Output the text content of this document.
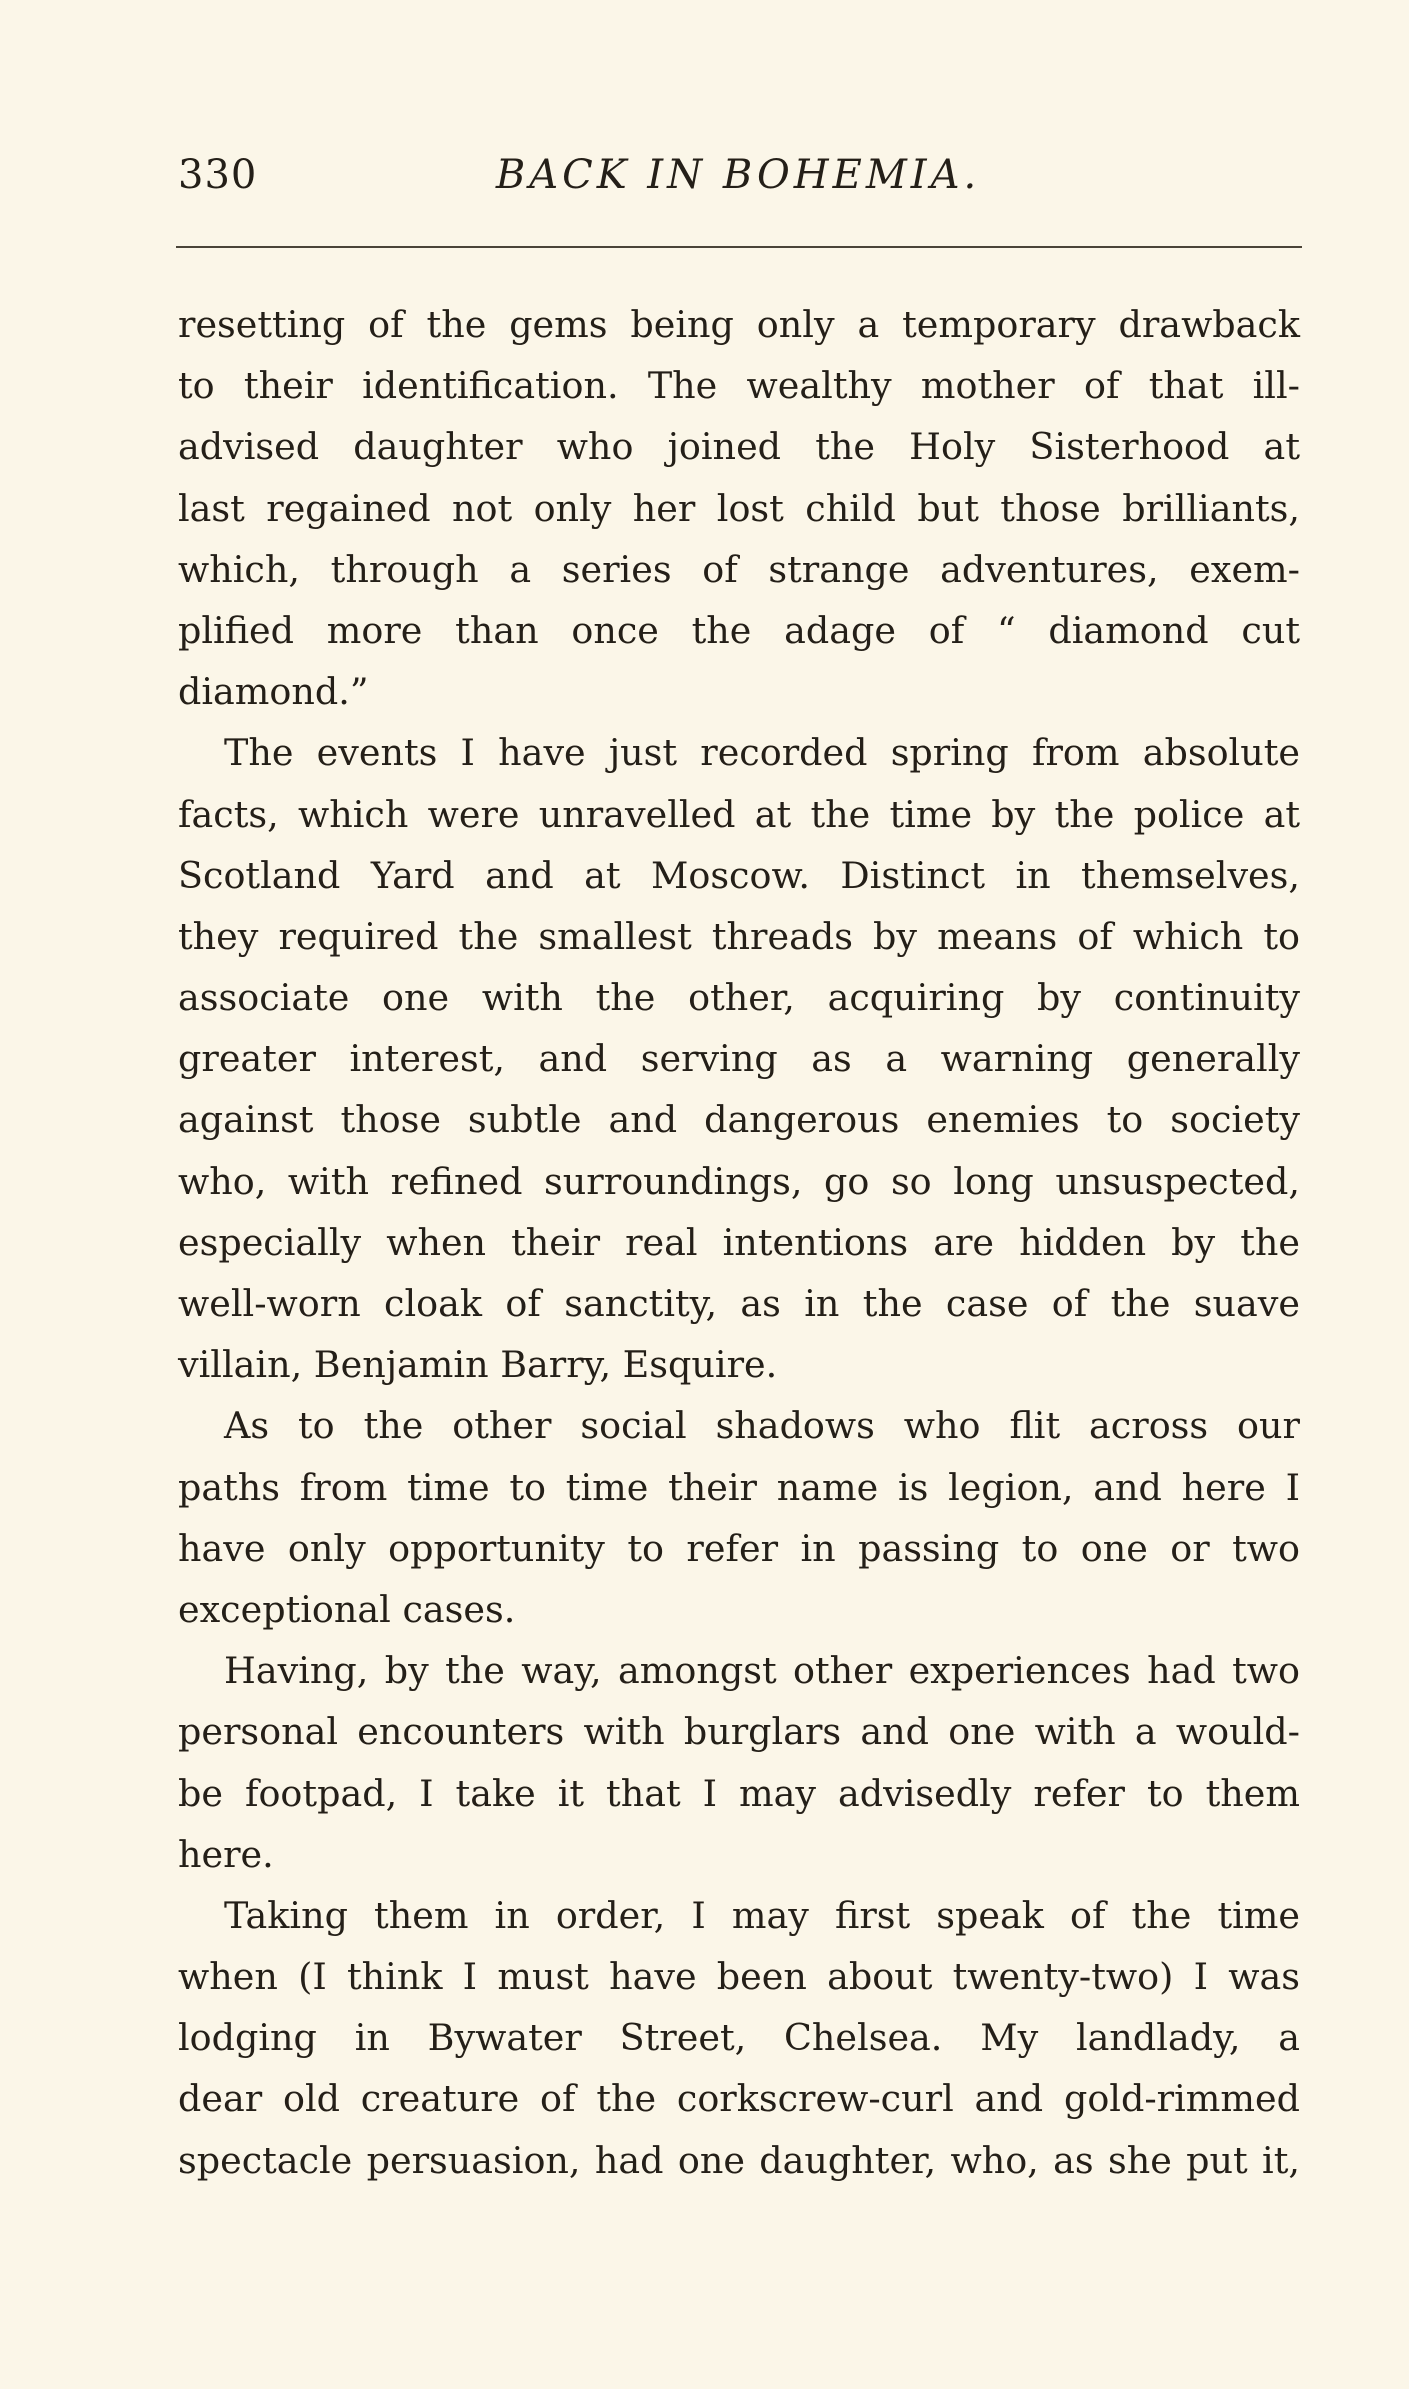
330	BACK IN BOHEMIA.
resetting of the gems being only a temporary drawback
to their identification. The wealthy mother of that ill-
advised daughter who joined the Holy Sisterhood at
last regained not only her lost child but those brilliants,
which, through a series of strange adventures, exem-
plified more than once the adage of “ diamond cut
diamond.”
The events I have just recorded spring from absolute
facts, which were unravelled at the time by the police at
Scotland Yard and at Moscow. Distinct in themselves,
they required the smallest threads by means of which to
associate one with the other, acquiring by continuity
greater interest, and serving as a warning generally
against those subtle and dangerous enemies to society
who, with refined surroundings, go so long unsuspected,
especially when their real intentions are hidden by the
well-worn cloak of sanctity, as in the case of the suave
villain, Benjamin Barry, Esquire.
As to the other social shadows who flit across our
paths from time to time their name is legion, and here I
have only opportunity to refer in passing to one or two
exceptional cases.
Having, by the way, amongst other experiences had two
personal encounters with burglars and one with a would-
be footpad, I take it that I may advisedly refer to them
here.
Taking them in order, I may first speak of the time
when (I think I must have been about twenty-two) I was
lodging in Bywater Street, Chelsea. My landlady, a
dear old creature of the corkscrew-curl and gold-rimmed
spectacle persuasion, had one daughter, who, as she put it,
